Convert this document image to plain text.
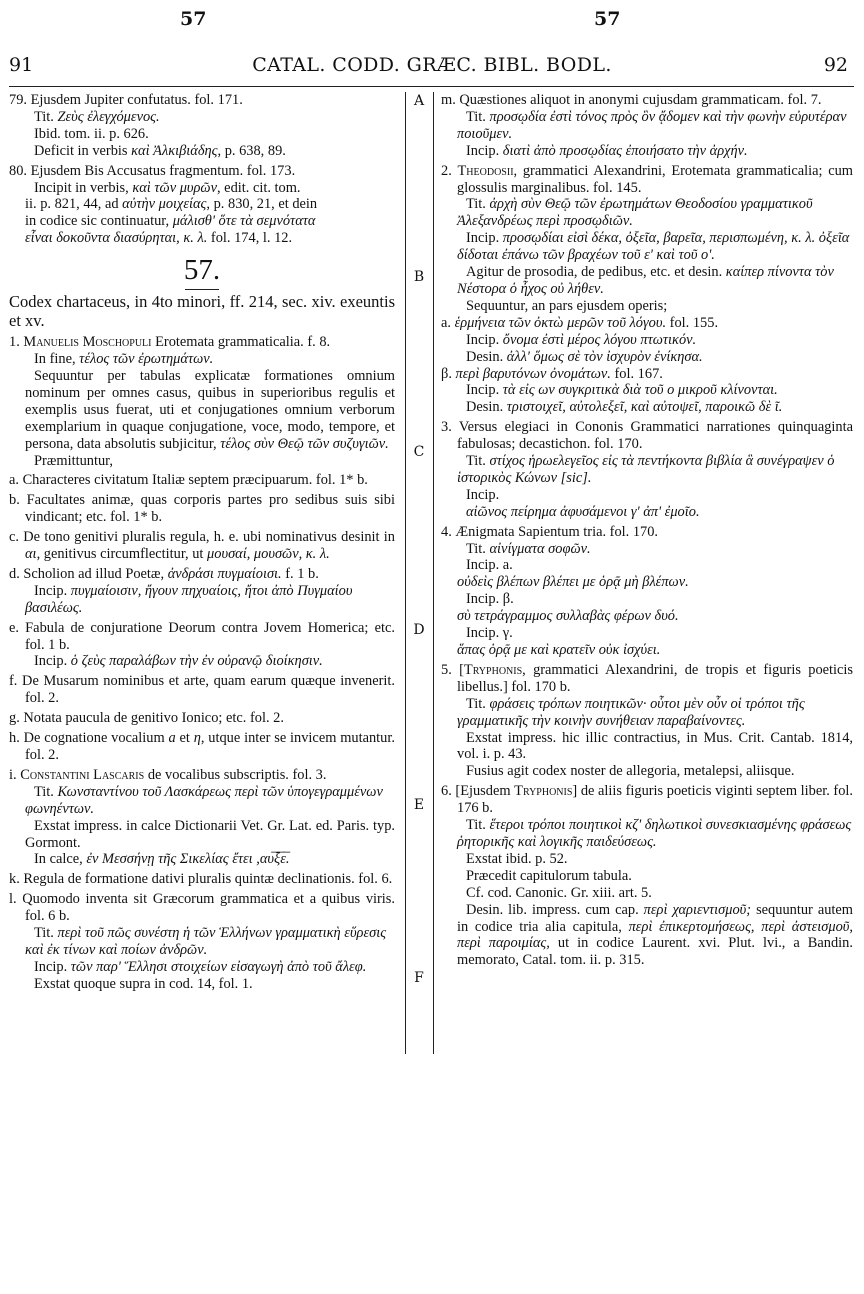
57	57
91	CATAL. CODD. GRÆC. BIBL. BODL.	92
A
B
C
D
E
F
79. Ejusdem Jupiter confutatus. fol. 171.
Tit. Ζεὺς ἐλεγχόμενος.
Ibid. tom. ii. p. 626.
Deficit in verbis καὶ Ἀλκιβιάδης, p. 638, 89.
80. Ejusdem Bis Accusatus fragmentum. fol. 173.
Incipit in verbis, καὶ τῶν μυρῶν, edit. cit. tom.
ii. p. 821, 44, ad αὐτὴν μοιχείας, p. 830, 21, et dein
in codice sic continuatur, μάλισθ' ὅτε τὰ σεμνότατα
εἶναι δοκοῦντα διασύρηται, κ. λ. fol. 174, l. 12.
57.
Codex chartaceus, in 4to minori, ff. 214, sec. xiv. exeuntis et xv.
1. Manuelis Moschopuli Erotemata grammaticalia. f. 8.
In fine, τέλος τῶν ἐρωτημάτων.
Sequuntur per tabulas explicatæ formationes omnium nominum per omnes casus, quibus in superioribus regulis et exemplis usus fuerat, uti et conjugationes omnium verborum exemplarium in quaque conjugatione, voce, modo, tempore, et persona, data absolutis subjicitur, τέλος σὺν Θεῷ τῶν συζυγιῶν.
Præmittuntur,
a. Characteres civitatum Italiæ septem præcipuarum. fol. 1* b.
b. Facultates animæ, quas corporis partes pro sedibus suis sibi vindicant; etc. fol. 1* b.
c. De tono genitivi pluralis regula, h. e. ubi nominativus desinit in αι, genitivus circumflectitur, ut μουσαί, μουσῶν, κ. λ.
d. Scholion ad illud Poetæ, ἀνδράσι πυγμαίοισι. f. 1 b.
Incip. πυγμαίοισιν, ἤγουν πηχυαίοις, ἤτοι ἀπὸ Πυγμαίου βασιλέως.
e. Fabula de conjuratione Deorum contra Jovem Homerica; etc. fol. 1 b.
Incip. ὁ ζεὺς παραλάβων τὴν ἐν οὐρανῷ διοίκησιν.
f. De Musarum nominibus et arte, quam earum quæque invenerit. fol. 2.
g. Notata paucula de genitivo Ionico; etc. fol. 2.
h. De cognatione vocalium a et η, utque inter se invicem mutantur. fol. 2.
i. Constantini Lascaris de vocalibus subscriptis. fol. 3.
Tit. Κωνσταντίνου τοῦ Λασκάρεως περὶ τῶν ὑπογεγραμμένων φωνηέντων.
Exstat impress. in calce Dictionarii Vet. Gr. Lat. ed. Paris. typ. Gormont.
In calce, ἐν Μεσσήνῃ τῆς Σικελίας ἔτει ,αυ̅ξ̅ε̅.
k. Regula de formatione dativi pluralis quintæ declinationis. fol. 6.
l. Quomodo inventa sit Græcorum grammatica et a quibus viris. fol. 6 b.
Tit. περὶ τοῦ πῶς συνέστη ἡ τῶν Ἑλλήνων γραμματικὴ εὕρεσις καὶ ἐκ τίνων καὶ ποίων ἀνδρῶν.
Incip. τῶν παρ' Ἕλλησι στοιχείων εἰσαγωγὴ ἀπὸ τοῦ ἄλεφ.
Exstat quoque supra in cod. 14, fol. 1.
m. Quæstiones aliquot in anonymi cujusdam grammaticam. fol. 7.
Tit. προσῳδία ἐστὶ τόνος πρὸς ὃν ᾄδομεν καὶ τὴν φωνὴν εὐρυτέραν ποιοῦμεν.
Incip. διατὶ ἀπὸ προσῳδίας ἐποιήσατο τὴν ἀρχήν.
2. Theodosii, grammatici Alexandrini, Erotemata grammaticalia; cum glossulis marginalibus. fol. 145.
Tit. ἀρχὴ σὺν Θεῷ τῶν ἐρωτημάτων Θεοδοσίου γραμματικοῦ Ἀλεξανδρέως περὶ προσῳδιῶν.
Incip. προσῳδίαι εἰσὶ δέκα, ὀξεῖα, βαρεῖα, περισπωμένη, κ. λ. ὀξεῖα δίδοται ἐπάνω τῶν βραχέων τοῦ ε' καὶ τοῦ ο'.
Agitur de prosodia, de pedibus, etc. et desin. καίπερ πίνοντα τὸν Νέστορα ὁ ἦχος οὐ λήθεν.
Sequuntur, an pars ejusdem operis;
a. ἑρμήνεια τῶν ὀκτὼ μερῶν τοῦ λόγου. fol. 155.
Incip. ὄνομα ἐστὶ μέρος λόγου πτωτικόν.
Desin. ἀλλ' ὅμως σὲ τὸν ἰσχυρὸν ἐνίκησα.
β. περὶ βαρυτόνων ὀνομάτων. fol. 167.
Incip. τὰ εἰς ων συγκριτικὰ διὰ τοῦ ο μικροῦ κλίνονται.
Desin. τριστοιχεῖ, αὐτολεξεῖ, καὶ αὐτοψεῖ, παροικῶ δὲ ῖ.
3. Versus elegiaci in Cononis Grammatici narrationes quinquaginta fabulosas; decastichon. fol. 170.
Tit. στίχος ἡρωελεγεῖος εἰς τὰ πεντήκοντα βιβλία ἃ συνέγραψεν ὁ ἱστορικὸς Κώνων [sic].
Incip.
αἰῶνος πείρημα ἀφυσάμενοι γ' ἀπ' ἐμοῖο.
4. Ænigmata Sapientum tria. fol. 170.
Tit. αἰνίγματα σοφῶν.
Incip. a.
οὐδεὶς βλέπων βλέπει με ὁρᾷ μὴ βλέπων.
Incip. β.
σὺ τετράγραμμος συλλαβὰς φέρων δυό.
Incip. γ.
ἅπας ὁρᾷ με καὶ κρατεῖν οὐκ ἰσχύει.
5. [Tryphonis, grammatici Alexandrini, de tropis et figuris poeticis libellus.] fol. 170 b.
Tit. φράσεις τρόπων ποιητικῶν· οὗτοι μὲν οὖν οἱ τρόποι τῆς γραμματικῆς τὴν κοινὴν συνήθειαν παραβαίνοντες.
Exstat impress. hic illic contractius, in Mus. Crit. Cantab. 1814, vol. i. p. 43.
Fusius agit codex noster de allegoria, metalepsi, aliisque.
6. [Ejusdem Tryphonis] de aliis figuris poeticis viginti septem liber. fol. 176 b.
Tit. ἕτεροι τρόποι ποιητικοὶ κζ' δηλωτικοὶ συνεσκιασμένης φράσεως ῥητορικῆς καὶ λογικῆς παιδεύσεως.
Exstat ibid. p. 52.
Præcedit capitulorum tabula.
Cf. cod. Canonic. Gr. xiii. art. 5.
Desin. lib. impress. cum cap. περὶ χαριεντισμοῦ; sequuntur autem in codice tria alia capitula, περὶ ἐπικερτομήσεως, περὶ ἀστεισμοῦ, περὶ παροιμίας, ut in codice Laurent. xvi. Plut. lvi., a Bandin. memorato, Catal. tom. ii. p. 315.
